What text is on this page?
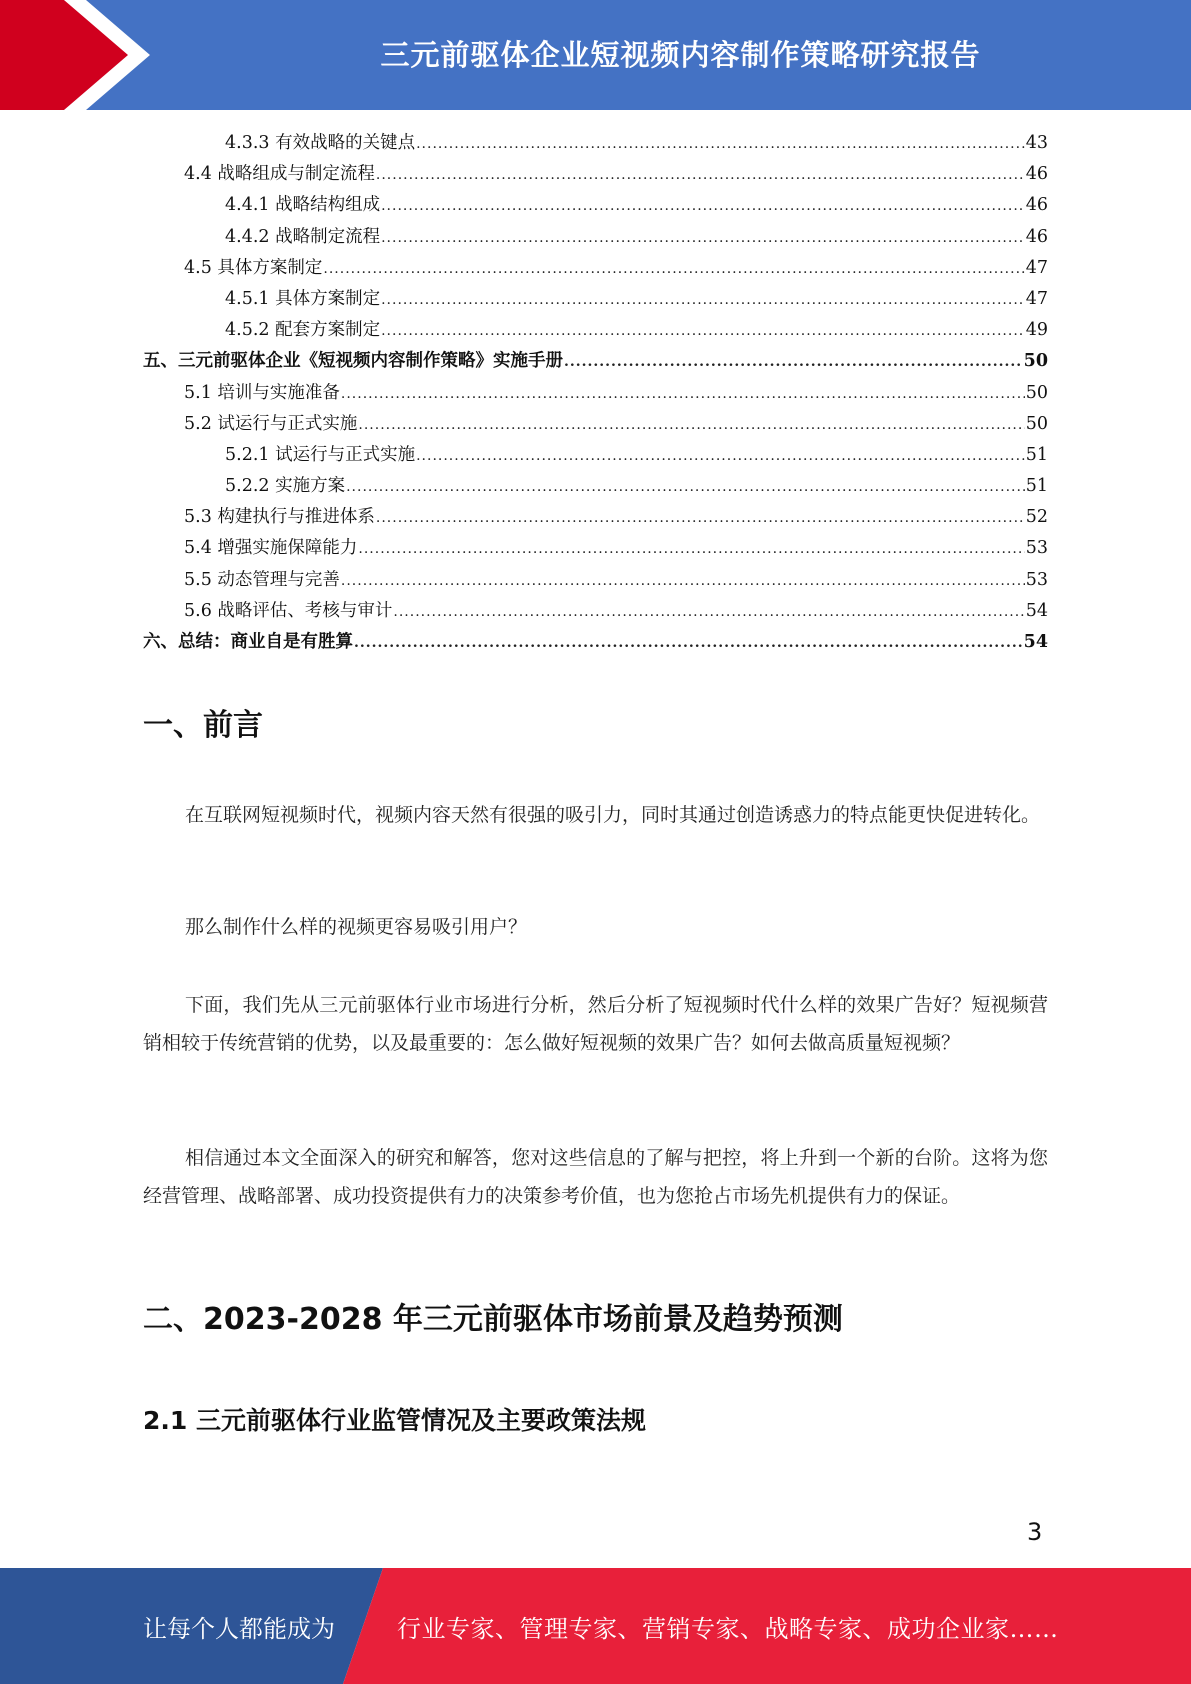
三元前驱体企业短视频内容制作策略研究报告
4.3.3 有效战略的关键点 .....	43
4.4 战略组成与制定流程 .....	46
4.4.1 战略结构组成 .....	46
4.4.2 战略制定流程 .....	46
4.5 具体方案制定 .....	47
4.5.1 具体方案制定 .....	47
4.5.2 配套方案制定 .....	49
五、三元前驱体企业《短视频内容制作策略》实施手册 .....	50
5.1 培训与实施准备 .....	50
5.2 试运行与正式实施 .....	50
5.2.1 试运行与正式实施 .....	51
5.2.2 实施方案 .....	51
5.3 构建执行与推进体系 .....	52
5.4 增强实施保障能力 .....	53
5.5 动态管理与完善 .....	53
5.6 战略评估、考核与审计 .....	54
六、总结：商业自是有胜算 .....	54
一、前言
在互联网短视频时代，视频内容天然有很强的吸引力，同时其通过创造诱惑力的特点能更快促进转化。
那么制作什么样的视频更容易吸引用户？
下面，我们先从三元前驱体行业市场进行分析，然后分析了短视频时代什么样的效果广告好？短视频营销相较于传统营销的优势，以及最重要的：怎么做好短视频的效果广告？如何去做高质量短视频？
相信通过本文全面深入的研究和解答，您对这些信息的了解与把控，将上升到一个新的台阶。这将为您经营管理、战略部署、成功投资提供有力的决策参考价值，也为您抢占市场先机提供有力的保证。
二、2023-2028 年三元前驱体市场前景及趋势预测
2.1 三元前驱体行业监管情况及主要政策法规
3
让每个人都能成为	行业专家、管理专家、营销专家、战略专家、成功企业家……
